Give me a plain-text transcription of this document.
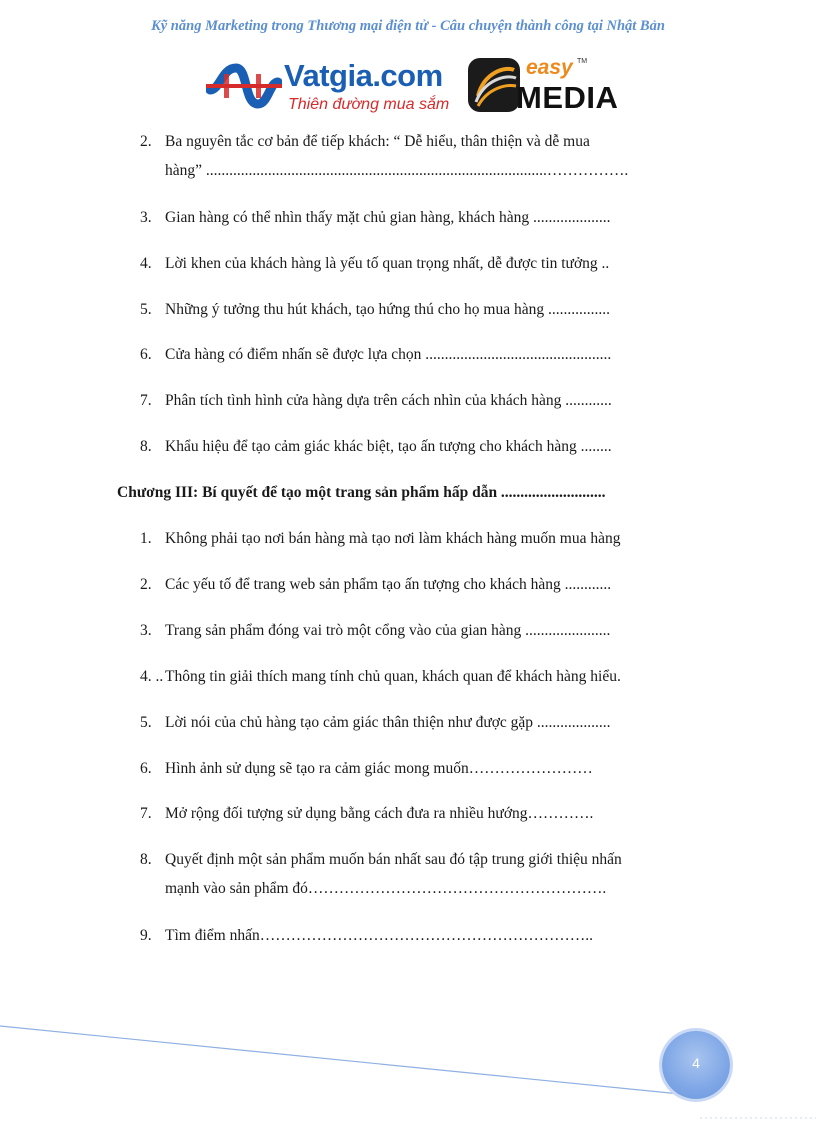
Kỹ năng Marketing trong Thương mại điện tử - Câu chuyện thành công tại Nhật Bản
Vatgia.com
Thiên đường mua sắm
easy TM
MEDIA
2. Ba nguyên tắc cơ bản để tiếp khách: “ Dễ hiểu, thân thiện và dễ mua
hàng” ........................................................................................…………….
3. Gian hàng có thể nhìn thấy mặt chủ gian hàng, khách hàng ....................
4. Lời khen của khách hàng là yếu tố quan trọng nhất, dễ được tin tưởng ..
5. Những ý tưởng thu hút khách, tạo hứng thú cho họ mua hàng ................
6. Cửa hàng có điểm nhấn sẽ được lựa chọn ................................................
7. Phân tích tình hình cửa hàng dựa trên cách nhìn của khách hàng ............
8. Khẩu hiệu để tạo cảm giác khác biệt, tạo ấn tượng cho khách hàng ........
Chương III: Bí quyết để tạo một trang sản phẩm hấp dẫn ...........................
1. Không phải tạo nơi bán hàng mà tạo nơi làm khách hàng muốn mua hàng
2. Các yếu tố để trang web sản phẩm tạo ấn tượng cho khách hàng ............
3. Trang sản phẩm đóng vai trò một cổng vào của gian hàng ......................
4. .. Thông tin giải thích mang tính chủ quan, khách quan để khách hàng hiểu.
5. Lời nói của chủ hàng tạo cảm giác thân thiện như được gặp ...................
6. Hình ảnh sử dụng sẽ tạo ra cảm giác mong muốn……………………
7. Mở rộng đối tượng sử dụng bằng cách đưa ra nhiều hướng………….
8. Quyết định một sản phẩm muốn bán nhất sau đó tập trung giới thiệu nhấn
mạnh vào sản phẩm đó………………………………………………….
9. Tìm điểm nhấn………………………………………………………..
4
